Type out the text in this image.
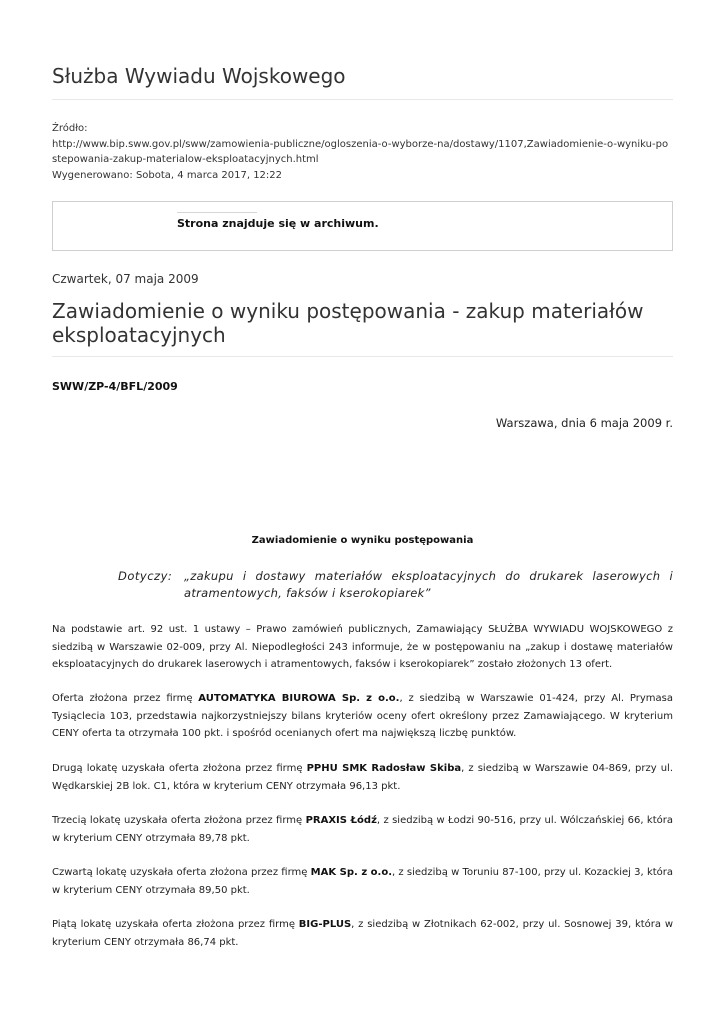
Służba Wywiadu Wojskowego
Źródło:
http://www.bip.sww.gov.pl/sww/zamowienia-publiczne/ogloszenia-o-wyborze-na/dostawy/1107,Zawiadomienie-o-wyniku-postepowania-zakup-materialow-eksploatacyjnych.html
Wygenerowano: Sobota, 4 marca 2017, 12:22
Strona znajduje się w archiwum.
Czwartek, 07 maja 2009
Zawiadomienie o wyniku postępowania - zakup materiałów eksploatacyjnych
SWW/ZP-4/BFL/2009
Warszawa, dnia 6 maja 2009 r.
Zawiadomienie o wyniku postępowania
Dotyczy: „zakupu i dostawy materiałów eksploatacyjnych do drukarek laserowych i atramentowych, faksów i kserokopiarek”

Na podstawie art. 92 ust. 1 ustawy – Prawo zamówień publicznych, Zamawiający SŁUŻBA WYWIADU WOJSKOWEGO z siedzibą w Warszawie 02-009, przy Al. Niepodległości 243 informuje, że w postępowaniu na „zakup i dostawę materiałów eksploatacyjnych do drukarek laserowych i atramentowych, faksów i kserokopiarek” zostało złożonych 13 ofert.

Oferta złożona przez firmę AUTOMATYKA BIUROWA Sp. z o.o., z siedzibą w Warszawie 01-424, przy Al. Prymasa Tysiąclecia 103, przedstawia najkorzystniejszy bilans kryteriów oceny ofert określony przez Zamawiającego. W kryterium CENY oferta ta otrzymała 100 pkt. i spośród ocenianych ofert ma największą liczbę punktów.

Drugą lokatę uzyskała oferta złożona przez firmę PPHU SMK Radosław Skiba, z siedzibą w Warszawie 04-869, przy ul. Wędkarskiej 2B lok. C1, która w kryterium CENY otrzymała 96,13 pkt.

Trzecią lokatę uzyskała oferta złożona przez firmę PRAXIS Łódź, z siedzibą w Łodzi 90-516, przy ul. Wólczańskiej 66, która w kryterium CENY otrzymała 89,78 pkt.

Czwartą lokatę uzyskała oferta złożona przez firmę MAK Sp. z o.o., z siedzibą w Toruniu 87-100, przy ul. Kozackiej 3, która w kryterium CENY otrzymała 89,50 pkt.

Piątą lokatę uzyskała oferta złożona przez firmę BIG-PLUS, z siedzibą w Złotnikach 62-002, przy ul. Sosnowej 39, która w kryterium CENY otrzymała 86,74 pkt.
